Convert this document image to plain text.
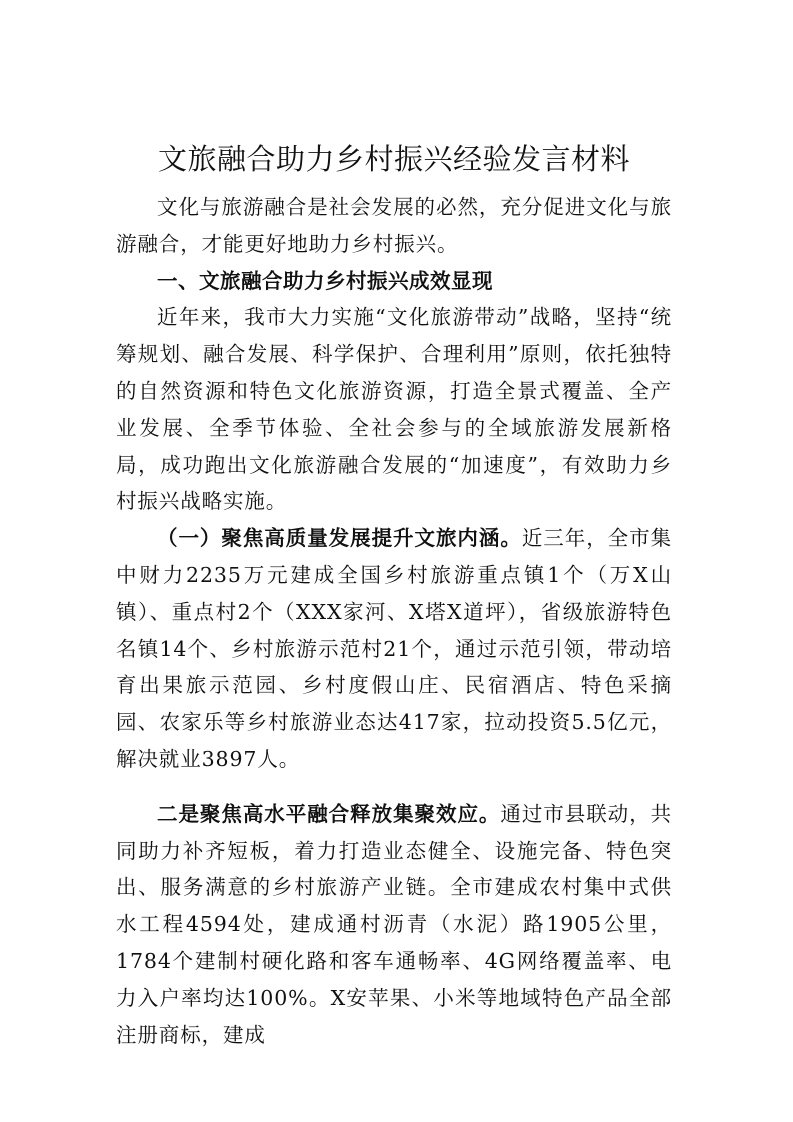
文旅融合助力乡村振兴经验发言材料

文化与旅游融合是社会发展的必然，充分促进文化与旅游融合，才能更好地助力乡村振兴。

一、文旅融合助力乡村振兴成效显现

近年来，我市大力实施“文化旅游带动”战略，坚持“统筹规划、融合发展、科学保护、合理利用”原则，依托独特的自然资源和特色文化旅游资源，打造全景式覆盖、全产业发展、全季节体验、全社会参与的全域旅游发展新格局，成功跑出文化旅游融合发展的“加速度”，有效助力乡村振兴战略实施。

（一）聚焦高质量发展提升文旅内涵。近三年，全市集中财力2235万元建成全国乡村旅游重点镇1个（万X山镇）、重点村2个（XXX家河、X塔X道坪），省级旅游特色名镇14个、乡村旅游示范村21个，通过示范引领，带动培育出果旅示范园、乡村度假山庄、民宿酒店、特色采摘园、农家乐等乡村旅游业态达417家，拉动投资5.5亿元，解决就业3897人。

二是聚焦高水平融合释放集聚效应。通过市县联动，共同助力补齐短板，着力打造业态健全、设施完备、特色突出、服务满意的乡村旅游产业链。全市建成农村集中式供水工程4594处，建成通村沥青（水泥）路1905公里，1784个建制村硬化路和客车通畅率、4G网络覆盖率、电力入户率均达100%。X安苹果、小米等地域特色产品全部注册商标，建成
